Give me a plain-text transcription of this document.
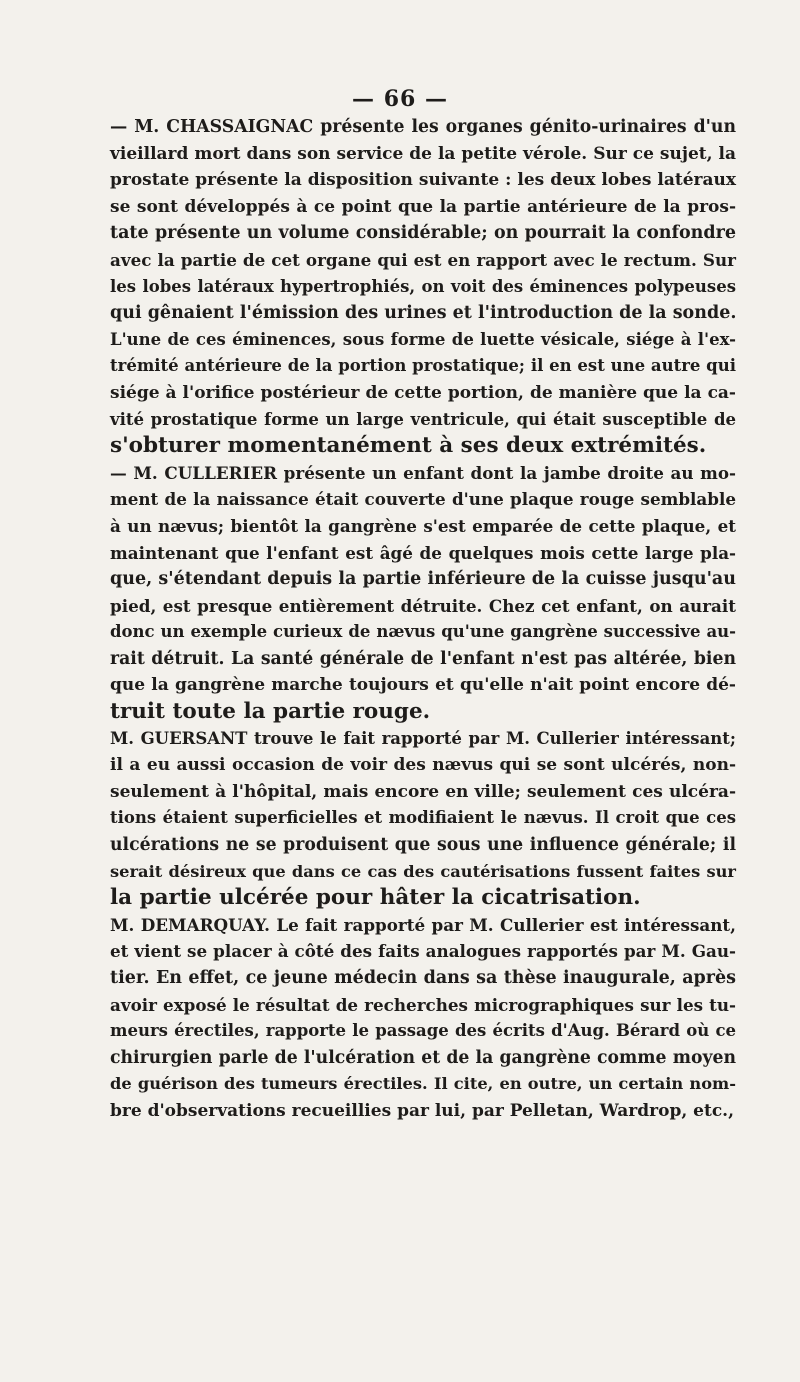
— 66 —
— M. CHASSAIGNAC présente les organes génito-urinaires d'un
vieillard mort dans son service de la petite vérole. Sur ce sujet, la
prostate présente la disposition suivante : les deux lobes latéraux
se sont développés à ce point que la partie antérieure de la pros-
tate présente un volume considérable; on pourrait la confondre
avec la partie de cet organe qui est en rapport avec le rectum. Sur
les lobes latéraux hypertrophiés, on voit des éminences polypeuses
qui gênaient l'émission des urines et l'introduction de la sonde.
L'une de ces éminences, sous forme de luette vésicale, siége à l'ex-
trémité antérieure de la portion prostatique; il en est une autre qui
siége à l'orifice postérieur de cette portion, de manière que la ca-
vité prostatique forme un large ventricule, qui était susceptible de
s'obturer momentanément à ses deux extrémités.
— M. CULLERIER présente un enfant dont la jambe droite au mo-
ment de la naissance était couverte d'une plaque rouge semblable
à un nævus; bientôt la gangrène s'est emparée de cette plaque, et
maintenant que l'enfant est âgé de quelques mois cette large pla-
que, s'étendant depuis la partie inférieure de la cuisse jusqu'au
pied, est presque entièrement détruite. Chez cet enfant, on aurait
donc un exemple curieux de nævus qu'une gangrène successive au-
rait détruit. La santé générale de l'enfant n'est pas altérée, bien
que la gangrène marche toujours et qu'elle n'ait point encore dé-
truit toute la partie rouge.
M. GUERSANT trouve le fait rapporté par M. Cullerier intéressant;
il a eu aussi occasion de voir des nævus qui se sont ulcérés, non-
seulement à l'hôpital, mais encore en ville; seulement ces ulcéra-
tions étaient superficielles et modifiaient le nævus. Il croit que ces
ulcérations ne se produisent que sous une influence générale; il
serait désireux que dans ce cas des cautérisations fussent faites sur
la partie ulcérée pour hâter la cicatrisation.
M. DEMARQUAY. Le fait rapporté par M. Cullerier est intéressant,
et vient se placer à côté des faits analogues rapportés par M. Gau-
tier. En effet, ce jeune médecin dans sa thèse inaugurale, après
avoir exposé le résultat de recherches micrographiques sur les tu-
meurs érectiles, rapporte le passage des écrits d'Aug. Bérard où ce
chirurgien parle de l'ulcération et de la gangrène comme moyen
de guérison des tumeurs érectiles. Il cite, en outre, un certain nom-
bre d'observations recueillies par lui, par Pelletan, Wardrop, etc.,
